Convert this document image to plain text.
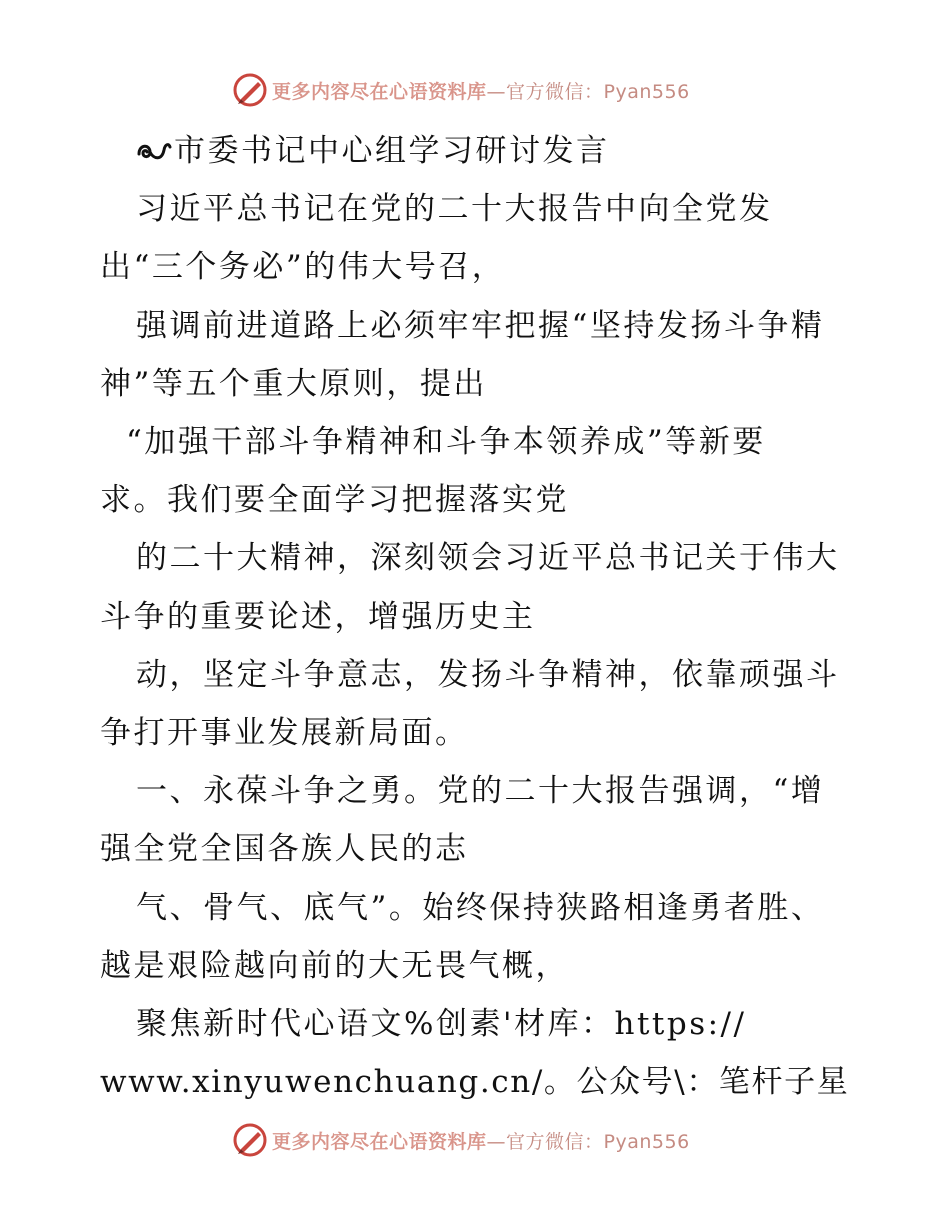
更多内容尽在心语资料库 —官方微信：Pyan556

市委书记中心组学习研讨发言

习近平总书记在党的二十大报告中向全党发

出“三个务必”的伟大号召，

强调前进道路上必须牢牢把握“坚持发扬斗争精

神”等五个重大原则，提出

“加强干部斗争精神和斗争本领养成”等新要

求。我们要全面学习把握落实党

的二十大精神，深刻领会习近平总书记关于伟大

斗争的重要论述，增强历史主

动，坚定斗争意志，发扬斗争精神，依靠顽强斗

争打开事业发展新局面。

一、永葆斗争之勇。党的二十大报告强调，“增

强全党全国各族人民的志

气、骨气、底气”。始终保持狭路相逢勇者胜、

越是艰险越向前的大无畏气概，

聚焦新时代心语文%创素'材库：https://

www.xinyuwenchuang.cn/。公众号\：笔杆子星

更多内容尽在心语资料库 —官方微信：Pyan556
